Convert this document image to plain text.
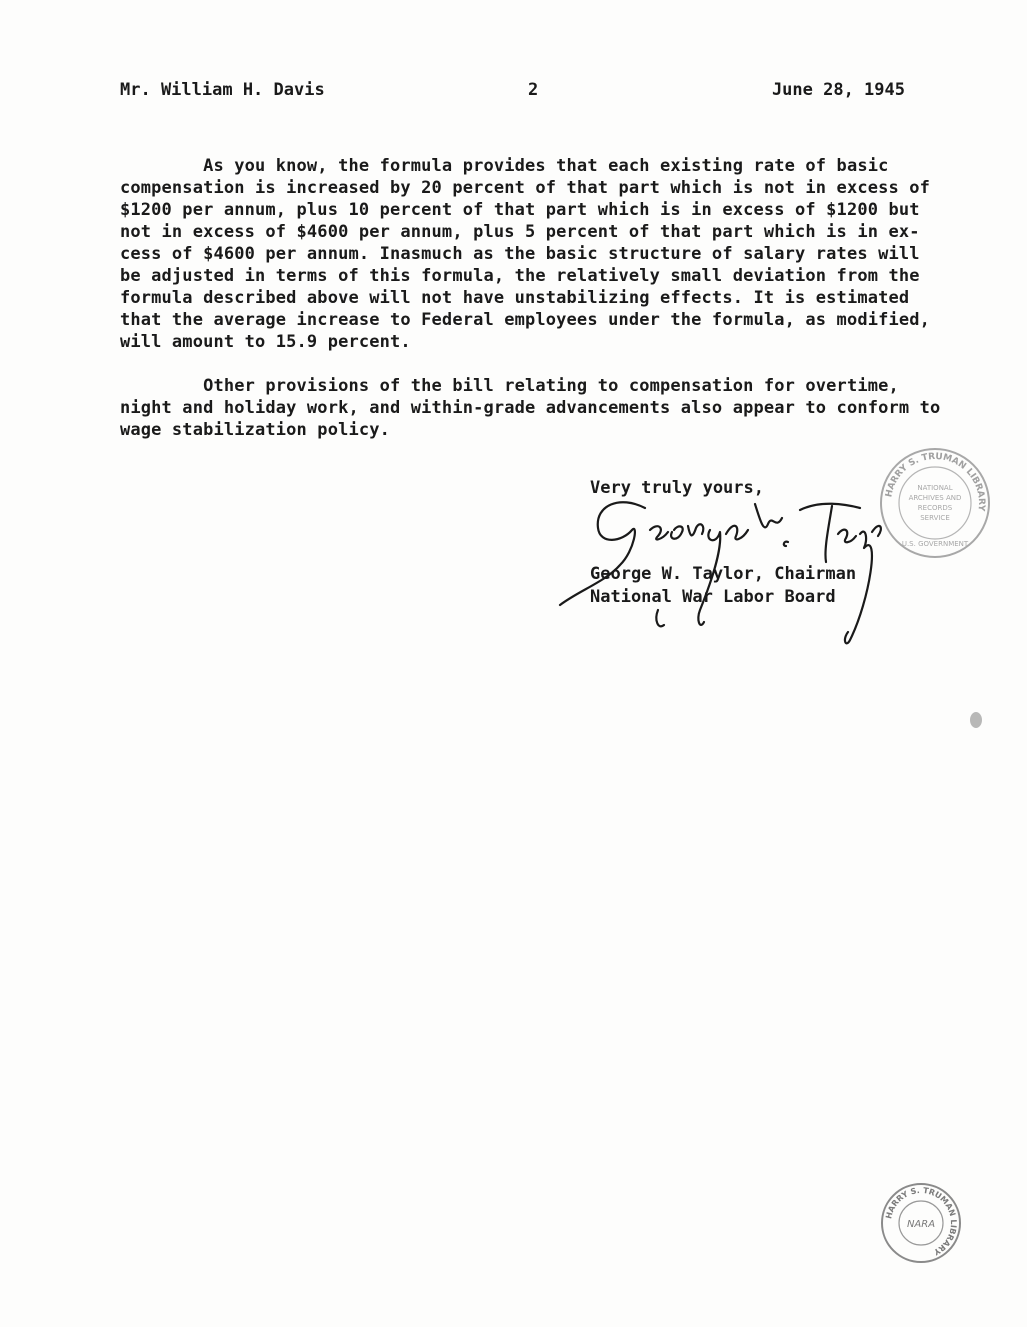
Mr. William H. Davis	2	June 28, 1945
As you know, the formula provides that each existing rate of basic
compensation is increased by 20 percent of that part which is not in excess of
$1200 per annum, plus 10 percent of that part which is in excess of $1200 but
not in excess of $4600 per annum, plus 5 percent of that part which is in ex-
cess of $4600 per annum. Inasmuch as the basic structure of salary rates will
be adjusted in terms of this formula, the relatively small deviation from the
formula described above will not have unstabilizing effects. It is estimated
that the average increase to Federal employees under the formula, as modified,
will amount to 15.9 percent.
Other provisions of the bill relating to compensation for overtime,
night and holiday work, and within-grade advancements also appear to conform to
wage stabilization policy.
Very truly yours,
George W. Taylor, Chairman
National War Labor Board
HARRY S. TRUMAN LIBRARY
NATIONAL
ARCHIVES AND
RECORDS
SERVICE
U.S. GOVERNMENT
HARRY S. TRUMAN LIBRARY
NARA
